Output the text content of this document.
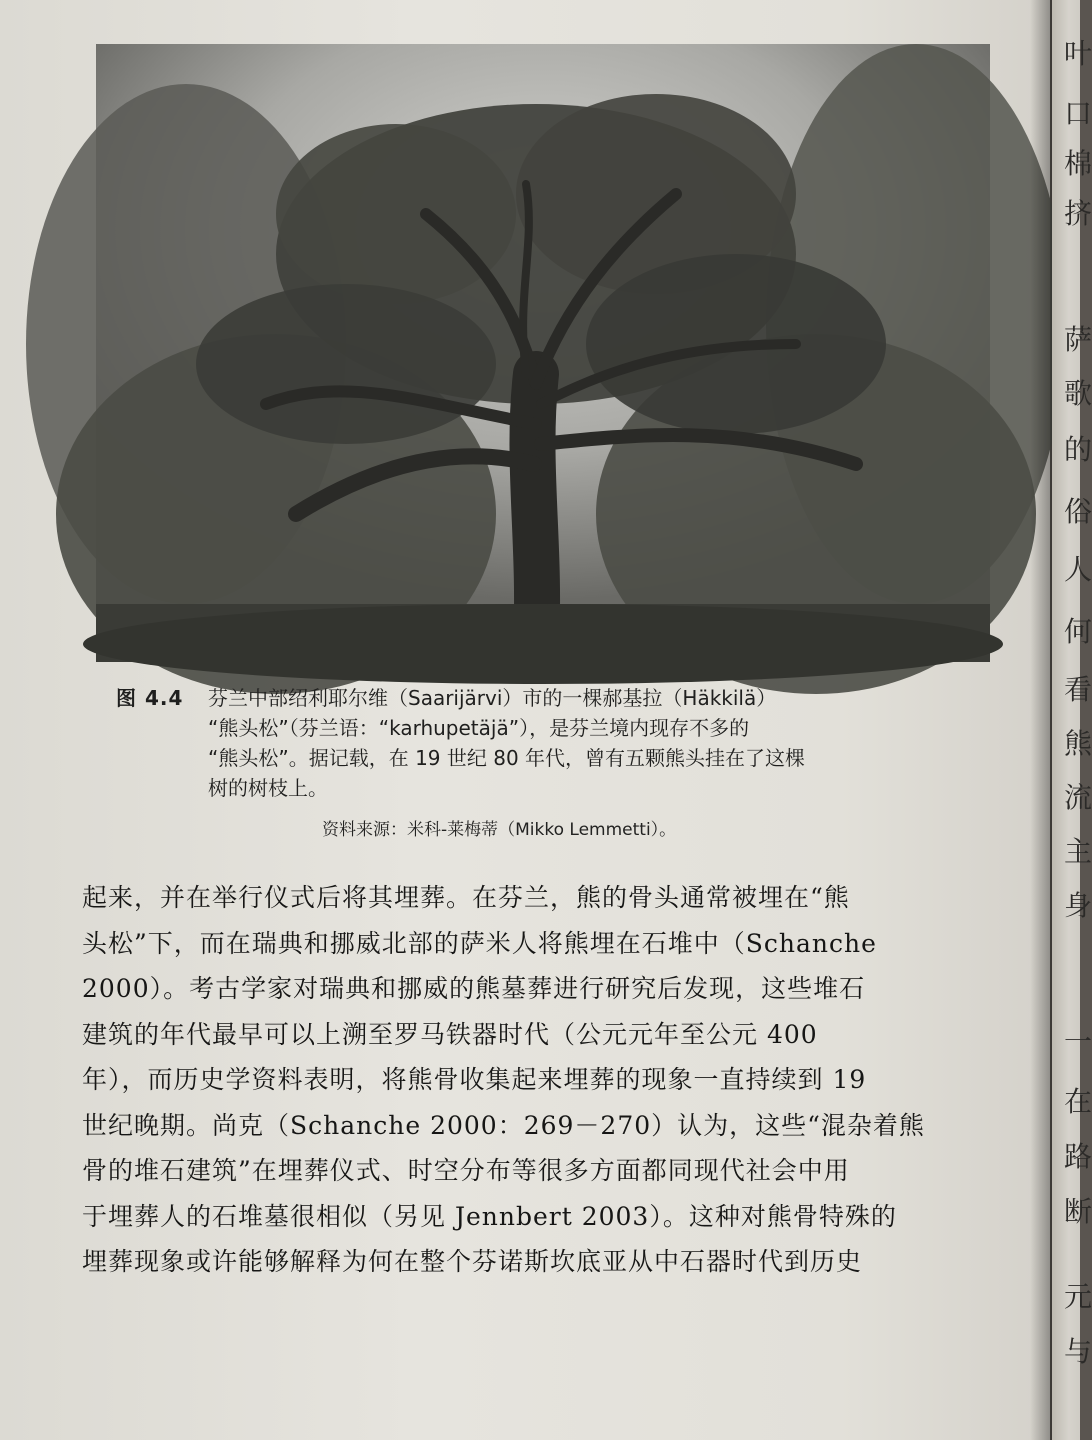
图 4.4 芬兰中部绍利耶尔维（Saarijärvi）市的一棵郝基拉（Häkkilä）
“熊头松”（芬兰语：“karhupetäjä”），是芬兰境内现存不多的
“熊头松”。据记载，在 19 世纪 80 年代，曾有五颗熊头挂在了这棵
树的树枝上。
资料来源：米科-莱梅蒂（Mikko Lemmetti）。
起来，并在举行仪式后将其埋葬。在芬兰，熊的骨头通常被埋在“熊
头松”下，而在瑞典和挪威北部的萨米人将熊埋在石堆中（Schanche
2000）。考古学家对瑞典和挪威的熊墓葬进行研究后发现，这些堆石
建筑的年代最早可以上溯至罗马铁器时代（公元元年至公元 400
年），而历史学资料表明，将熊骨收集起来埋葬的现象一直持续到 19
世纪晚期。尚克（Schanche 2000：269－270）认为，这些“混杂着熊
骨的堆石建筑”在埋葬仪式、时空分布等很多方面都同现代社会中用
于埋葬人的石堆墓很相似（另见 Jennbert 2003）。这种对熊骨特殊的
埋葬现象或许能够解释为何在整个芬诺斯坎底亚从中石器时代到历史
叶
口
棉
挤
萨
歌
的
俗
人
何
看
熊
流
主
身
一
在
路
断
元
与
